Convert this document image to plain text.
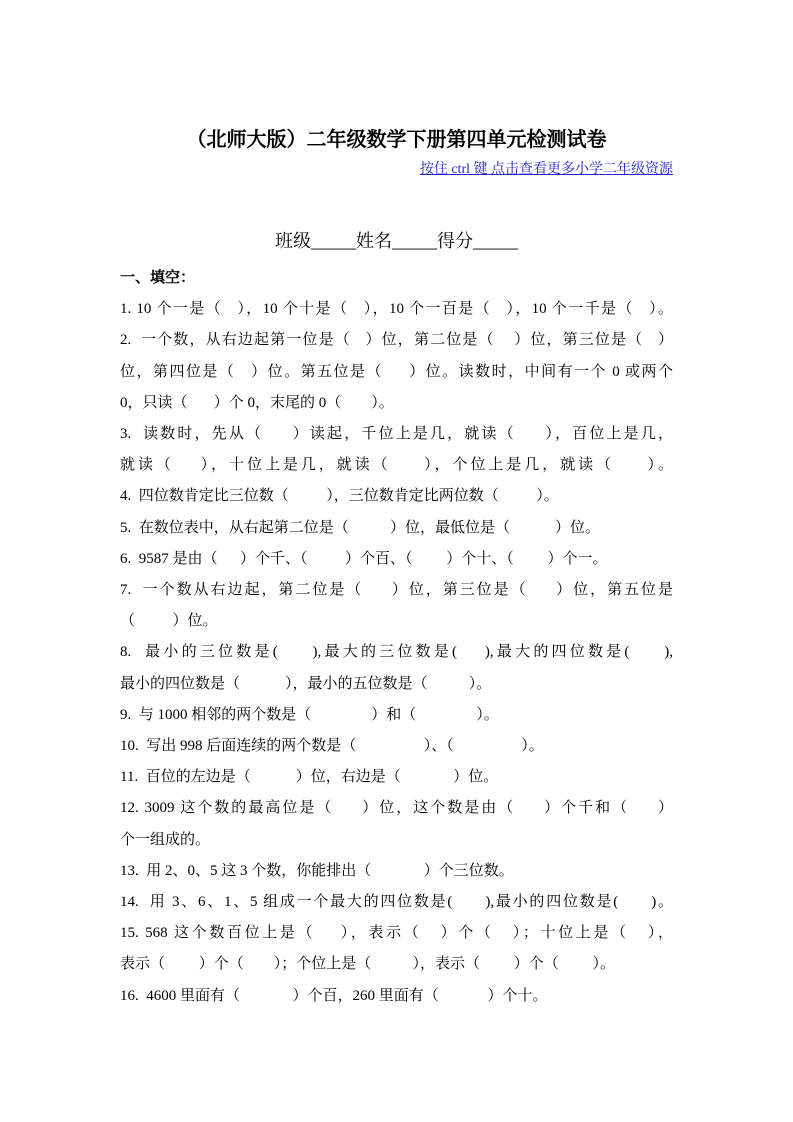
（北师大版）二年级数学下册第四单元检测试卷
按住 ctrl 键 点击查看更多小学二年级资源

班级_____姓名_____得分_____

一、填空：

1. 10 个一是（   ），10 个十是（   ），10 个一百是（   ），10 个一千是（   ）。

2.  一个数，从右边起第一位是（   ）位，第二位是（    ）位，第三位是（   ）

位，第四位是（   ）位。第五位是（     ）位。读数时，中间有一个 0 或两个

0，只读（       ）个 0，末尾的 0（        ）。

3.  读数时，先从（     ）读起，千位上是几，就读（     ），百位上是几，

就读（    ），十位上是几，就读（     ），个位上是几，就读（     ）。

4.  四位数肯定比三位数（          ），三位数肯定比两位数（          ）。

5.  在数位表中，从右起第二位是（           ）位，最低位是（            ）位。

6.  9587 是由（      ）个千、（          ）个百、（         ）个十、（         ）个一。

7.  一个数从右边起，第二位是（     ）位，第三位是（     ）位，第五位是

（          ）位。

8.  最小的三位数是(     ),最大的三位数是(    ),最大的四位数是(     ),

最小的四位数是（            ），最小的五位数是（           ）。

9.  与 1000 相邻的两个数是（                ）和（                ）。

10.  写出 998 后面连续的两个数是（                  ）、（                  ）。

11.  百位的左边是（            ）位，右边是（              ）位。

12. 3009 这个数的最高位是（     ）位，这个数是由（     ）个千和（     ）

个一组成的。

13.  用 2、0、5 这 3 个数，你能排出（              ）个三位数。

14.  用 3、6、1、5 组成一个最大的四位数是(      ),最小的四位数是(      )。

15. 568 这个数百位上是（    ），表示（   ）个（   ）；十位上是（   ），

表示（         ）个（        ）；个位上是（           ），表示（         ）个（         ）。

16.  4600 里面有（              ）个百，260 里面有（             ）个十。
